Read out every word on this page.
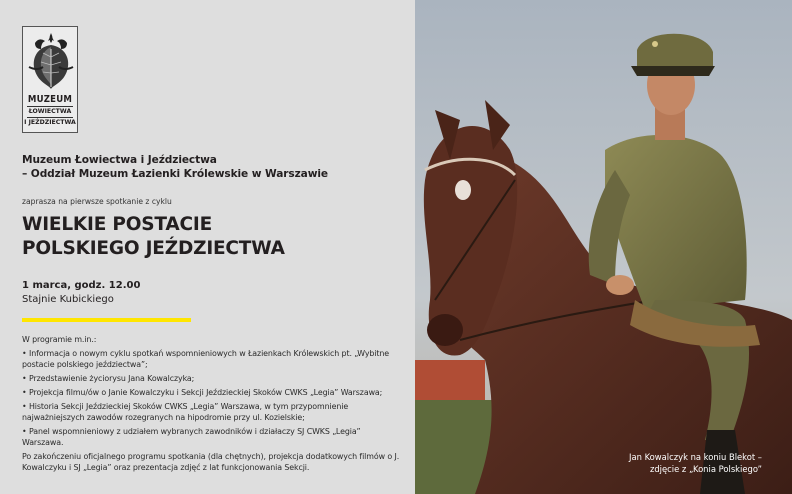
MUZEUM
ŁOWIECTWA
I JEŹDZIECTWA
Muzeum Łowiectwa i Jeździectwa
– Oddział Muzeum Łazienki Królewskie w Warszawie
zaprasza na pierwsze spotkanie z cyklu
WIELKIE POSTACIE
POLSKIEGO JEŹDZIECTWA
1 marca, godz. 12.00
Stajnie Kubickiego
W programie m.in.:
• Informacja o nowym cyklu spotkań wspomnieniowych w Łazienkach Królewskich pt. „Wybitne postacie polskiego jeździectwa”;
• Przedstawienie życiorysu Jana Kowalczyka;
• Projekcja filmu/ów o Janie Kowalczyku i Sekcji Jeździeckiej Skoków CWKS „Legia” Warszawa;
• Historia Sekcji Jeździeckiej Skoków CWKS „Legia” Warszawa, w tym przypomnienie najważniejszych zawodów rozegranych na hipodromie przy ul. Kozielskie;
• Panel wspomnieniowy z udziałem wybranych zawodników i działaczy SJ CWKS „Legia” Warszawa.
Po zakończeniu oficjalnego programu spotkania (dla chętnych), projekcja dodatkowych filmów o J. Kowalczyku i SJ „Legia” oraz prezentacja zdjęć z lat funkcjonowania Sekcji.
Jan Kowalczyk na koniu Blekot –
zdjęcie z „Konia Polskiego”
